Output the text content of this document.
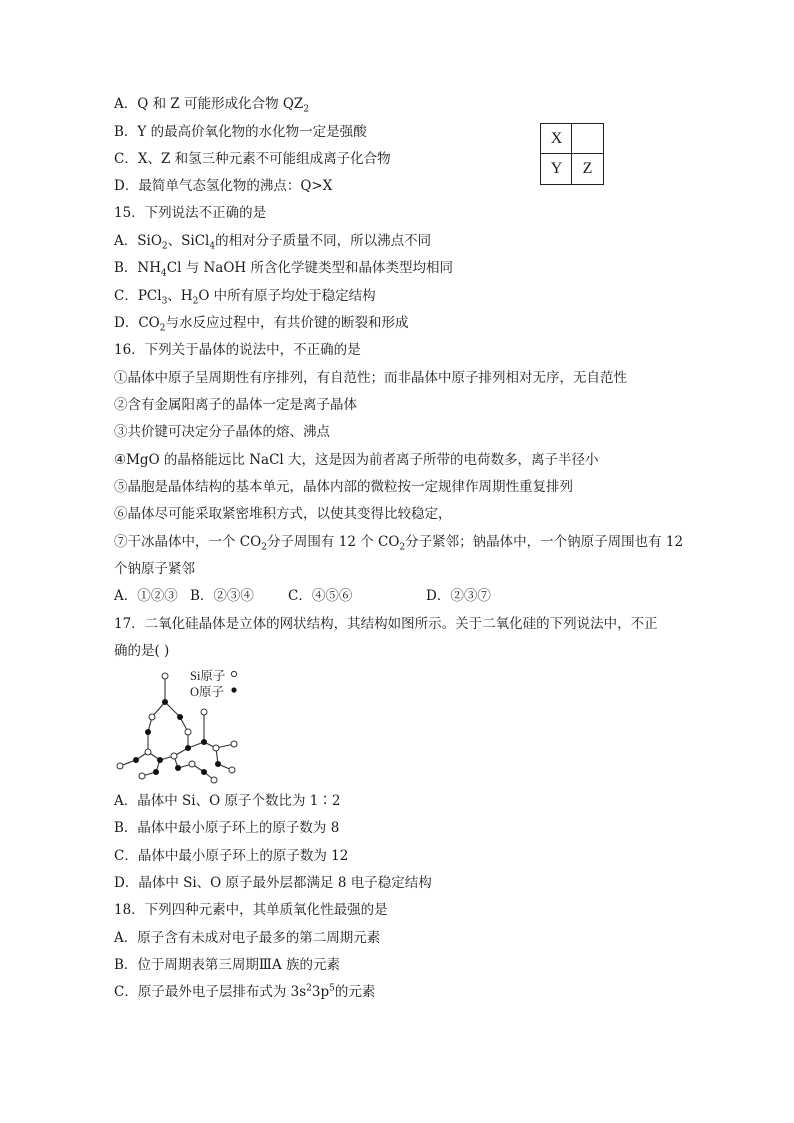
A．Q 和 Z 可能形成化合物 $QZ_2$
B．Y 的最高价氧化物的水化物一定是强酸
C．X、Z 和氢三种元素不可能组成离子化合物
D．最简单气态氢化物的沸点：Q>X
X
Y	Z
15．下列说法不正确的是
A．SiO$_2$、SiCl$_4$的相对分子质量不同，所以沸点不同
B．$NH_4Cl$ 与 NaOH 所含化学键类型和晶体类型均相同
C．PCl$_3$、$H_2O$ 中所有原子均处于稳定结构
D．$CO_2$与水反应过程中，有共价键的断裂和形成
16．下列关于晶体的说法中，不正确的是
①晶体中原子呈周期性有序排列，有自范性；而非晶体中原子排列相对无序，无自范性
②含有金属阳离子的晶体一定是离子晶体
③共价键可决定分子晶体的熔、沸点
④MgO 的晶格能远比 NaCl 大，这是因为前者离子所带的电荷数多，离子半径小
⑤晶胞是晶体结构的基本单元，晶体内部的微粒按一定规律作周期性重复排列
⑥晶体尽可能采取紧密堆积方式，以使其变得比较稳定，
⑦干冰晶体中，一个 $CO_2$分子周围有 12 个 $CO_2$分子紧邻；钠晶体中，一个钠原子周围也有 12
个钠原子紧邻
A．①②③ B．②③④	C．④⑤⑥	D．②③⑦
17．二氧化硅晶体是立体的网状结构，其结构如图所示。关于二氧化硅的下列说法中，不正
确的是( )
Si原子
O原子
A．晶体中 Si、O 原子个数比为 1∶2
B．晶体中最小原子环上的原子数为 8
C．晶体中最小原子环上的原子数为 12
D．晶体中 Si、O 原子最外层都满足 8 电子稳定结构
18．下列四种元素中，其单质氧化性最强的是
A．原子含有未成对电子最多的第二周期元素
B．位于周期表第三周期ⅢA 族的元素
C．原子最外电子层排布式为 $3s^23p^5$的元素
